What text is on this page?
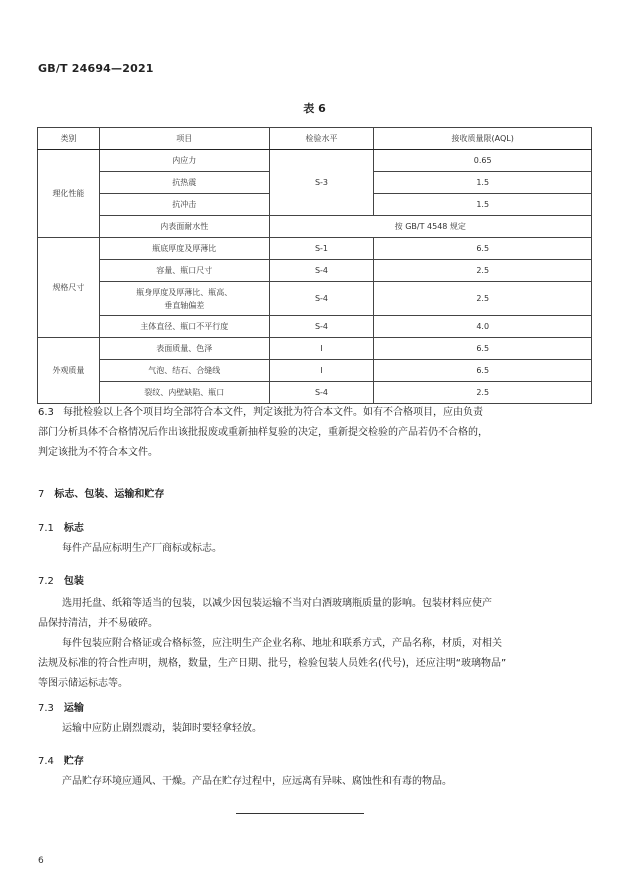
GB/T 24694—2021
表 6
类别	项目	检验水平	接收质量限(AQL)
理化性能	内应力	S-3	0.65
	抗热震		1.5
	抗冲击		1.5
	内表面耐水性	按 GB/T 4548 规定	
规格尺寸	瓶底厚度及厚薄比	S-1	6.5
	容量、瓶口尺寸	S-4	2.5
	瓶身厚度及厚薄比、瓶高、
垂直轴偏差	S-4	2.5
	主体直径、瓶口不平行度	S-4	4.0
外观质量	表面质量、色泽	Ⅰ	6.5
	气泡、结石、合缝线	Ⅰ	6.5
	裂纹、内壁缺陷、瓶口	S-4	2.5
6.3 每批检验以上各个项目均全部符合本文件，判定该批为符合本文件。如有不合格项目，应由负责
部门分析具体不合格情况后作出该批报废或重新抽样复验的决定，重新提交检验的产品若仍不合格的，
判定该批为不符合本文件。
7 标志、包装、运输和贮存
7.1 标志
每件产品应标明生产厂商标或标志。
7.2 包装
选用托盘、纸箱等适当的包装，以减少因包装运输不当对白酒玻璃瓶质量的影响。包装材料应使产
品保持清洁，并不易破碎。
每件包装应附合格证或合格标签，应注明生产企业名称、地址和联系方式，产品名称，材质，对相关
法规及标准的符合性声明，规格，数量，生产日期、批号，检验包装人员姓名(代号)，还应注明“玻璃物品”
等图示储运标志等。
7.3 运输
运输中应防止剧烈震动，装卸时要轻拿轻放。
7.4 贮存
产品贮存环境应通风、干燥。产品在贮存过程中，应远离有异味、腐蚀性和有毒的物品。
6
